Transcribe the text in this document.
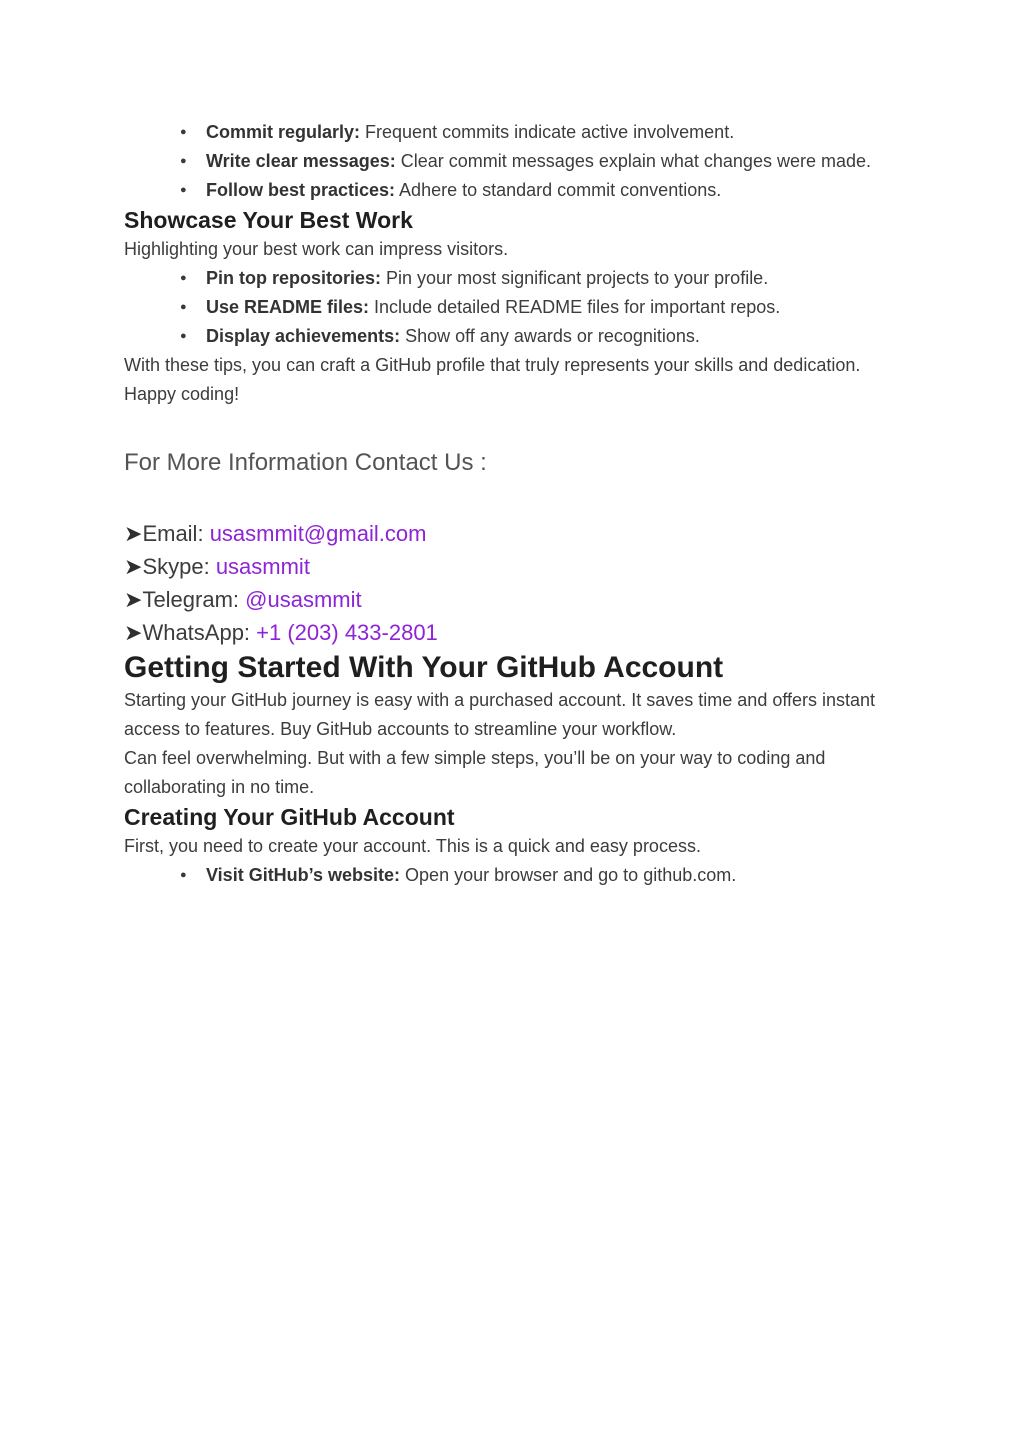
● Commit regularly: Frequent commits indicate active involvement.
● Write clear messages: Clear commit messages explain what changes were made.
● Follow best practices: Adhere to standard commit conventions.
Showcase Your Best Work

Highlighting your best work can impress visitors.

● Pin top repositories: Pin your most significant projects to your profile.
● Use README files: Include detailed README files for important repos.
● Display achievements: Show off any awards or recognitions.

With these tips, you can craft a GitHub profile that truly represents your skills and dedication. Happy coding!

For More Information Contact Us :

➤Email: usasmmit@gmail.com
➤Skype: usasmmit
➤Telegram: @usasmmit
➤WhatsApp: +1 (203) 433-2801
Getting Started With Your GitHub Account

Starting your GitHub journey is easy with a purchased account. It saves time and offers instant access to features. Buy GitHub accounts to streamline your workflow.

Can feel overwhelming. But with a few simple steps, you’ll be on your way to coding and collaborating in no time.

Creating Your GitHub Account

First, you need to create your account. This is a quick and easy process.

● Visit GitHub’s website: Open your browser and go to github.com.
